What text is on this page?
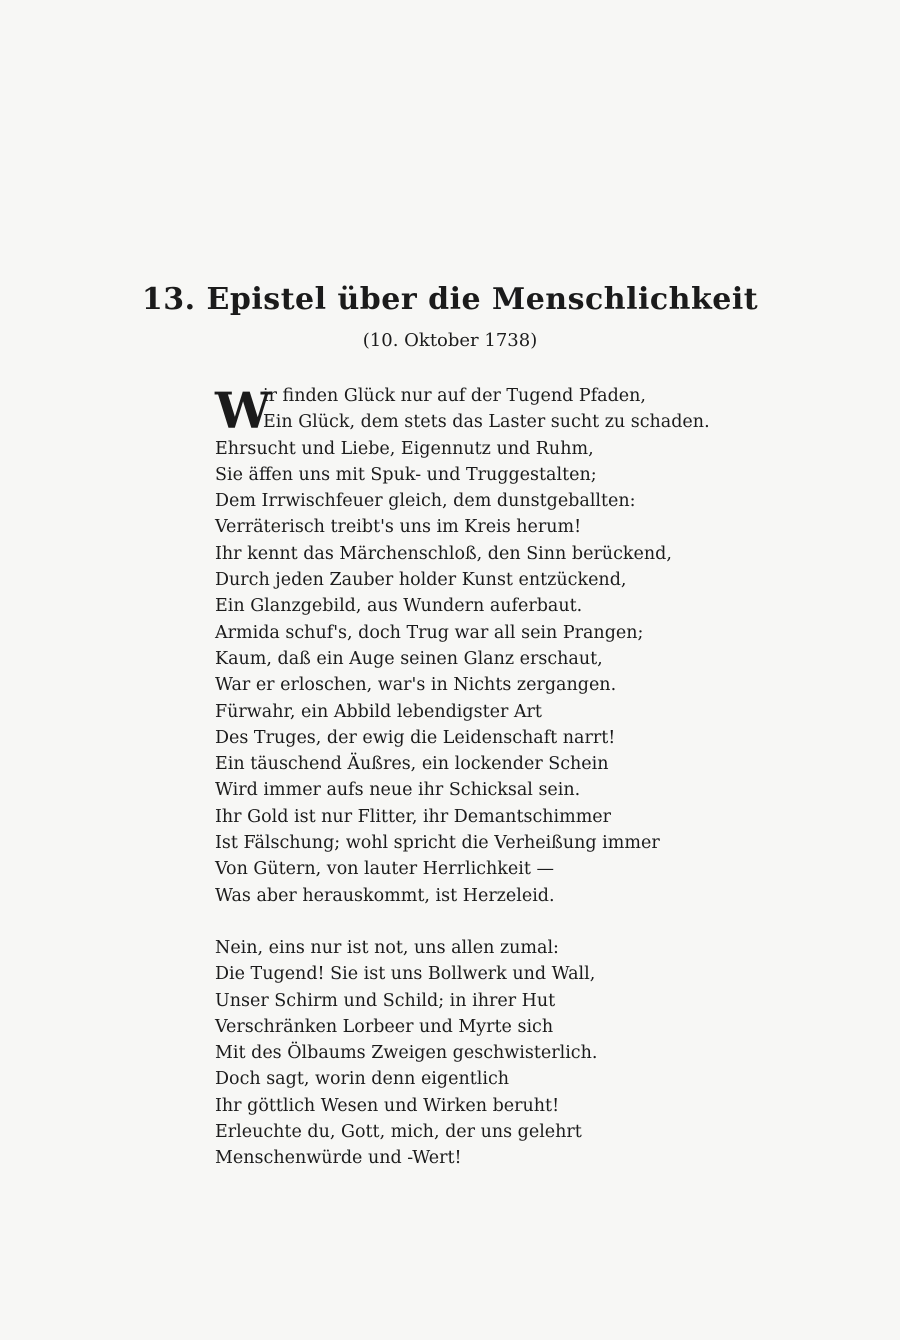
13. Epistel über die Menschlichkeit

(10. Oktober 1738)

W
ir finden Glück nur auf der Tugend Pfaden,
Ein Glück, dem stets das Laster sucht zu schaden.
Ehrsucht und Liebe, Eigennutz und Ruhm,
Sie äffen uns mit Spuk- und Truggestalten;
Dem Irrwischfeuer gleich, dem dunstgeballten:
Verräterisch treibt's uns im Kreis herum!
Ihr kennt das Märchenschloß, den Sinn berückend,
Durch jeden Zauber holder Kunst entzückend,
Ein Glanzgebild, aus Wundern auferbaut.
Armida schuf's, doch Trug war all sein Prangen;
Kaum, daß ein Auge seinen Glanz erschaut,
War er erloschen, war's in Nichts zergangen.
Fürwahr, ein Abbild lebendigster Art
Des Truges, der ewig die Leidenschaft narrt!
Ein täuschend Äußres, ein lockender Schein
Wird immer aufs neue ihr Schicksal sein.
Ihr Gold ist nur Flitter, ihr Demantschimmer
Ist Fälschung; wohl spricht die Verheißung immer
Von Gütern, von lauter Herrlichkeit —
Was aber herauskommt, ist Herzeleid.
Nein, eins nur ist not, uns allen zumal:
Die Tugend! Sie ist uns Bollwerk und Wall,
Unser Schirm und Schild; in ihrer Hut
Verschränken Lorbeer und Myrte sich
Mit des Ölbaums Zweigen geschwisterlich.
Doch sagt, worin denn eigentlich
Ihr göttlich Wesen und Wirken beruht!
Erleuchte du, Gott, mich, der uns gelehrt
Menschenwürde und -Wert!
